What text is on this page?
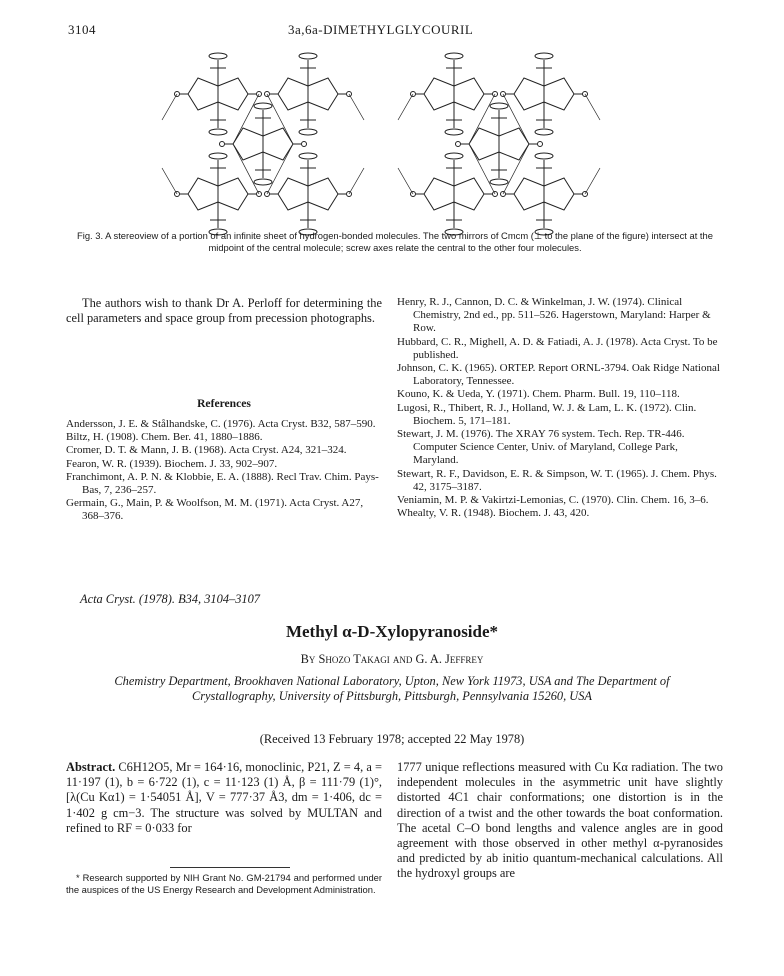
3104	3a,6a-DIMETHYLGLYCOURIL
Fig. 3. A stereoview of a portion of an infinite sheet of hydrogen-bonded molecules. The two mirrors of Cmcm (⊥ to the plane of the figure) intersect at the midpoint of the central molecule; screw axes relate the central to the other four molecules.

The authors wish to thank Dr A. Perloff for determining the cell parameters and space group from precession photographs.

References
Andersson, J. E. & Stålhandske, C. (1976). Acta Cryst. B32, 587–590.
Biltz, H. (1908). Chem. Ber. 41, 1880–1886.
Cromer, D. T. & Mann, J. B. (1968). Acta Cryst. A24, 321–324.
Fearon, W. R. (1939). Biochem. J. 33, 902–907.
Franchimont, A. P. N. & Klobbie, E. A. (1888). Recl Trav. Chim. Pays-Bas, 7, 236–257.
Germain, G., Main, P. & Woolfson, M. M. (1971). Acta Cryst. A27, 368–376.
Henry, R. J., Cannon, D. C. & Winkelman, J. W. (1974). Clinical Chemistry, 2nd ed., pp. 511–526. Hagerstown, Maryland: Harper & Row.
Hubbard, C. R., Mighell, A. D. & Fatiadi, A. J. (1978). Acta Cryst. To be published.
Johnson, C. K. (1965). ORTEP. Report ORNL-3794. Oak Ridge National Laboratory, Tennessee.
Kouno, K. & Ueda, Y. (1971). Chem. Pharm. Bull. 19, 110–118.
Lugosi, R., Thibert, R. J., Holland, W. J. & Lam, L. K. (1972). Clin. Biochem. 5, 171–181.
Stewart, J. M. (1976). The XRAY 76 system. Tech. Rep. TR-446. Computer Science Center, Univ. of Maryland, College Park, Maryland.
Stewart, R. F., Davidson, E. R. & Simpson, W. T. (1965). J. Chem. Phys. 42, 3175–3187.
Veniamin, M. P. & Vakirtzi-Lemonias, C. (1970). Clin. Chem. 16, 3–6.
Whealty, V. R. (1948). Biochem. J. 43, 420.
Acta Cryst. (1978). B34, 3104–3107
Methyl α-D-Xylopyranoside*
By Shozo Takagi and G. A. Jeffrey
Chemistry Department, Brookhaven National Laboratory, Upton, New York 11973, USA and The Department of Crystallography, University of Pittsburgh, Pittsburgh, Pennsylvania 15260, USA
(Received 13 February 1978; accepted 22 May 1978)

Abstract. C6H12O5, Mr = 164·16, monoclinic, P21, Z = 4, a = 11·197 (1), b = 6·722 (1), c = 11·123 (1) Å, β = 111·79 (1)°, [λ(Cu Kα1) = 1·54051 Å], V = 777·37 Å3, dm = 1·406, dc = 1·402 g cm−3. The structure was solved by MULTAN and refined to RF = 0·033 for

1777 unique reflections measured with Cu Kα radiation. The two independent molecules in the asymmetric unit have slightly distorted 4C1 chair conformations; one distortion is in the direction of a twist and the other towards the boat conformation. The acetal C–O bond lengths and valence angles are in good agreement with those observed in other methyl α-pyranosides and predicted by ab initio quantum-mechanical calculations. All the hydroxyl groups are

* Research supported by NIH Grant No. GM-21794 and performed under the auspices of the US Energy Research and Development Administration.
